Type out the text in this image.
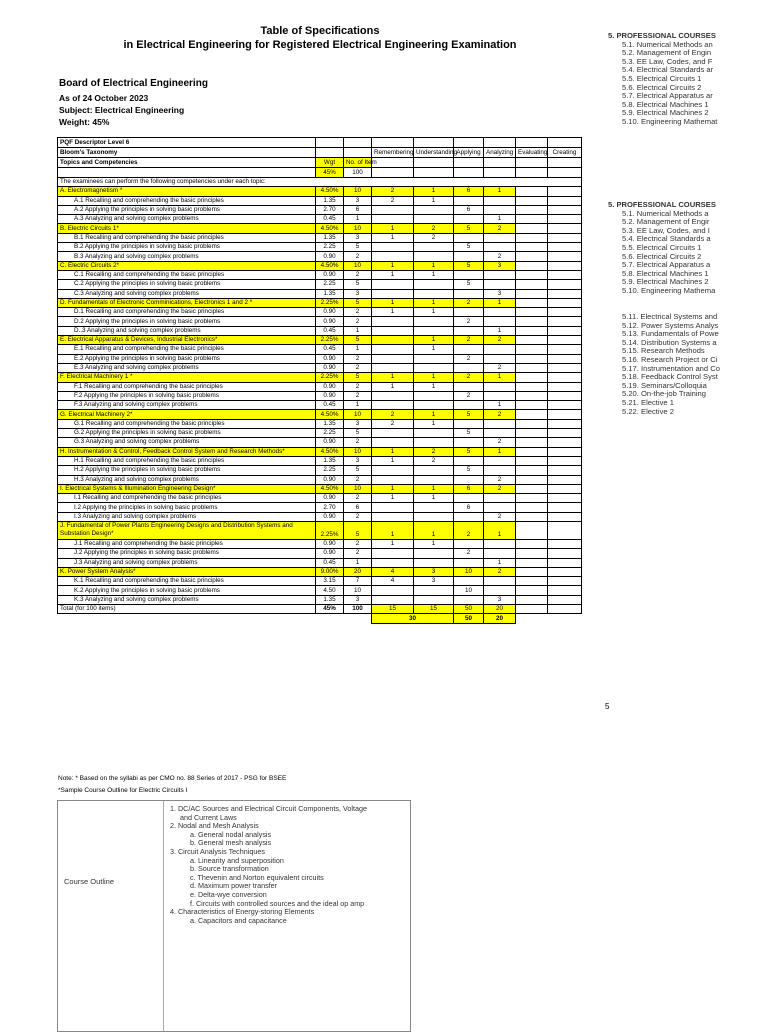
Table of Specifications
in Electrical Engineering for Registered Electrical Engineering Examination
Board of Electrical Engineering
As of 24 October 2023
Subject: Electrical Engineering
Weight: 45%
PQF Descriptor Level 6								
Bloom's Taxonomy			Remembering	Understanding	Applying	Analyzing	Evaluating	Creating
Topics and Competencies	Wgt	No. of Item						
	45%	100						
The examinees can perform the following competencies under each topic:								
A. Electromagnetism *	4.50%	10	2	1	6	1		
A.1 Recalling and comprehending the basic principles	1.35	3	2	1				
A.2 Applying the principles in solving basic problems	2.70	6			6			
A.3 Analyzing and solving complex problems	0.45	1				1		
B. Electric Circuits 1*	4.50%	10	1	2	5	2		
B.1 Recalling and comprehending the basic principles	1.35	3	1	2				
B.2 Applying the principles in solving basic problems	2.25	5			5			
B.3 Analyzing and solving complex problems	0.90	2				2		
C. Electric Circuits 2*	4.50%	10	1	1	5	3		
C.1 Recalling and comprehending the basic principles	0.90	2	1	1				
C.2 Applying the principles in solving basic problems	2.25	5			5			
C.3 Analyzing and solving complex problems	1.35	3				3		
D. Fundamentals of Electronic Comminications, Electronics 1 and 2 *	2.25%	5	1	1	2	1		
D.1 Recalling and comprehending the basic principles	0.90	2	1	1				
D.2 Applying the principles in solving basic problems	0.90	2			2			
D..3 Analyzing and solving complex problems	0.45	1				1		
E. Electrical Apparatus & Devices, Industrial Electronics*	2.25%	5		1	2	2		
E.1 Recalling and comprehending the basic principles	0.45	1		1				
E.2 Applying the principles in solving basic problems	0.90	2			2			
E.3 Analyzing and solving complex problems	0.90	2				2		
F. Electrical Machinery 1 *	2.25%	5	1	1	2	1		
F.1 Recalling and comprehending the basic principles	0.90	2	1	1				
F.2 Applying the principles in solving basic problems	0.90	2			2			
F.3 Analyzing and solving complex problems	0.45	1				1		
G. Electrical Machinery 2*	4.50%	10	2	1	5	2		
G.1 Recalling and comprehending the basic principles	1.35	3	2	1				
G.2 Applying the principles in solving basic problems	2.25	5			5			
G.3 Analyzing and solving complex problems	0.90	2				2		
H. Instrumentation & Control, Feedback Control System and Research Methods*	4.50%	10	1	2	5	1		
H.1 Recalling and comprehending the basic principles	1.35	3	1	2				
H.2 Applying the principles in solving basic problems	2.25	5			5			
H.3 Analyzing and solving complex problems	0.90	2				2		
I. Electrical Systems & Illumination Engineering Design*	4.50%	10	1	1	6	2		
I.1 Recalling and comprehending the basic principles	0.90	2	1	1				
I.2 Applying the principles in solving basic problems	2.70	6			6			
I.3 Analyzing and solving complex problems	0.90	2				2		
J. Fundamental of Power Plants Engineering Designs and Distribution Systems and Substation Design*	2.25%	5	1	1	2	1		
J.1 Recalling and comprehending the basic principles	0.90	2	1	1				
J.2 Applying the principles in solving basic problems	0.90	2			2			
J.3 Analyzing and solving complex problems	0.45	1				1		
K. Power System Analysis*	9.00%	20	4	3	10	2		
K.1 Recalling and comprehending the basic principles	3.15	7	4	3				
K.2 Applying the principles in solving basic problems	4.50	10			10			
K.3 Analyzing and solving complex problems	1.35	3				3		
Total (for 100 items)	45%	100	15	15	50	20		
			30		50	20		
Note: * Based on the syllabi as per CMO no. 88 Series of 2017 - PSG for BSEE
*Sample Course Outline for Electric Circuits I
Course Outline
1. DC/AC Sources and Electrical Circuit Components, Voltage
and Current Laws
2. Nodal and Mesh Analysis
a. General nodal analysis
b. General mesh analysis
3. Circuit Analysis Techniques
a. Linearity and superposition
b. Source transformation
c. Thevenin and Norton equivalent circuits
d. Maximum power transfer
e. Delta-wye conversion
f. Circuits with controlled sources and the ideal op amp
4. Characteristics of Energy-storing Elements
a. Capacitors and capacitance
5. PROFESSIONAL COURSES
5.1. Numerical Methods an
5.2. Management of Engin
5.3. EE Law, Codes, and F
5.4. Electrical Standards ar
5.5. Electrical Circuits 1
5.6. Electrical Circuits 2
5.7. Electrical Apparatus ar
5.8. Electrical Machines 1
5.9. Electrical Machines 2
5.10. Engineering Mathemat
5. PROFESSIONAL COURSES
5.1. Numerical Methods a
5.2. Management of Engir
5.3. EE Law, Codes, and I
5.4. Electrical Standards a
5.5. Electrical Circuits 1
5.6. Electrical Circuits 2
5.7. Electrical Apparatus a
5.8. Electrical Machines 1
5.9. Electrical Machines 2
5.10. Engineering Mathema
5.11. Electrical Systems and
5.12. Power Systems Analys
5.13. Fundamentals of Powe
5.14. Distribution Systems a
5.15. Research Methods
5.16. Research Project or Ci
5.17. Instrumentation and Co
5.18. Feedback Control Syst
5.19. Seminars/Colloquia
5.20. On-the-job Training
5.21. Elective 1
5.22. Elective 2
5
